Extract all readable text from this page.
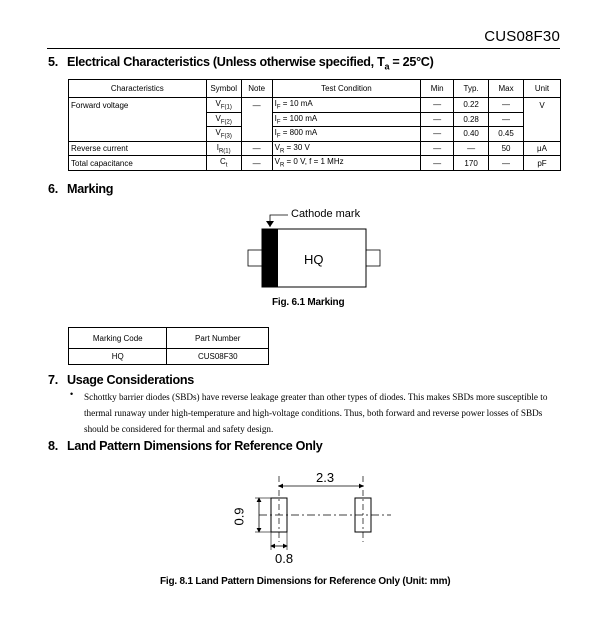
CUS08F30
5. Electrical Characteristics (Unless otherwise specified, $T_a = 25^\circ C$)
Characteristics	Symbol	Note	Test Condition	Min	Typ.	Max	Unit
Forward voltage	$V_{F(1)}$	—	$I_F = 10$ mA	—	0.22	—	V
	$V_{F(2)}$		$I_F = 100$ mA	—	0.28	—	
	$V_{F(3)}$		$I_F = 800$ mA	—	0.40	0.45	
Reverse current	$I_{R(1)}$	—	$V_R = 30$ V	—	—	50	μA
Total capacitance	$C_t$	—	$V_R = 0$ V, f = 1 MHz	—	170	—	pF
6. Marking
Cathode mark
HQ
Fig. 6.1 Marking
Marking Code	Part Number
HQ	CUS08F30
7. Usage Considerations
• Schottky barrier diodes (SBDs) have reverse leakage greater than other types of diodes. This makes SBDs more susceptible to thermal runaway under high-temperature and high-voltage conditions. Thus, both forward and reverse power losses of SBDs should be considered for thermal and safety design.
8. Land Pattern Dimensions for Reference Only
2.3
0.9
0.8
Fig. 8.1 Land Pattern Dimensions for Reference Only (Unit: mm)
